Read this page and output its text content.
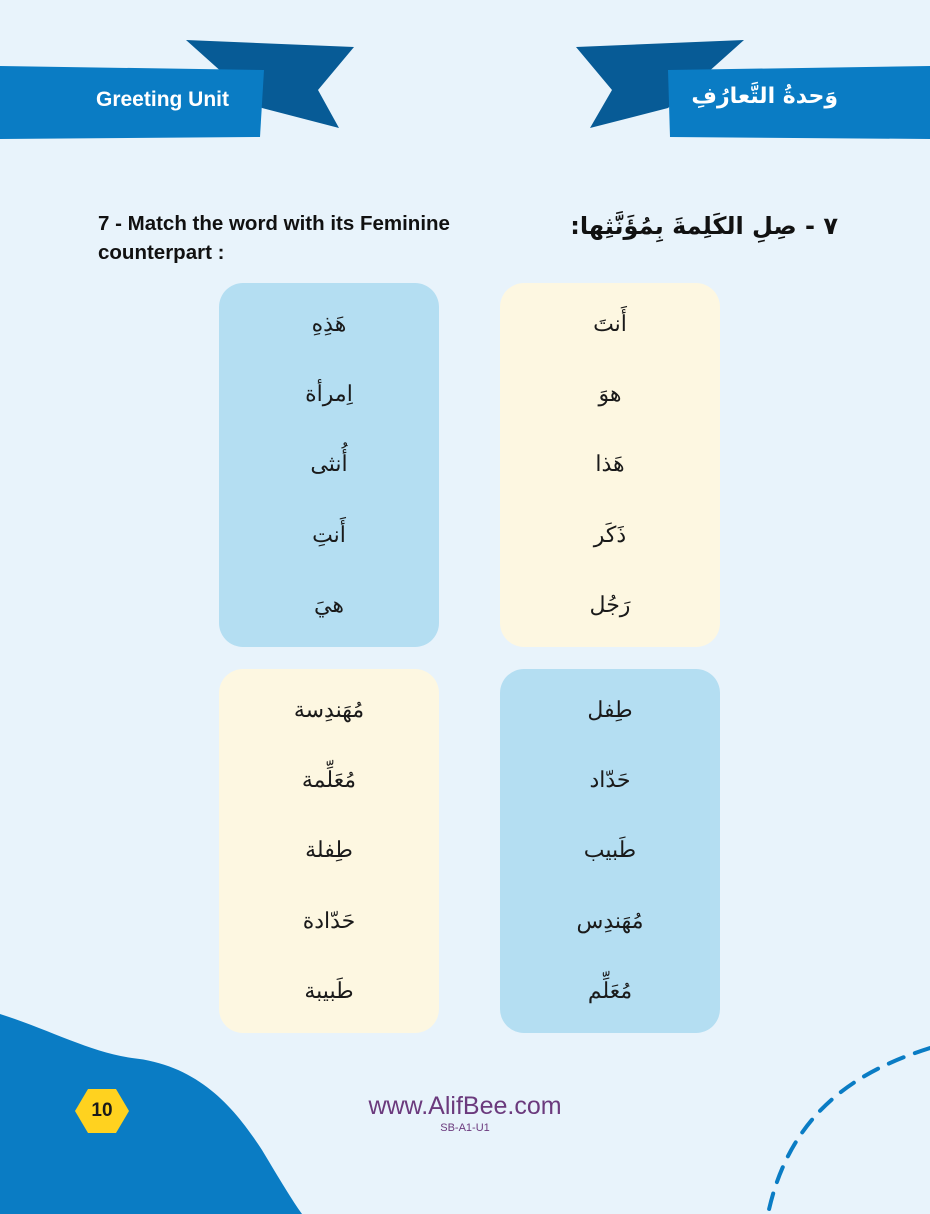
Greeting Unit	وَحدةُ التَّعارُفِ
7 - Match the word with its Feminine counterpart :
٧ - صِلِ الكَلِمةَ بِمُؤَنَّثِها:
هَذِهِ
اِمرأة
أُنثى
أَنتِ
هيَ
أَنتَ
هوَ
هَذا
ذَكَر
رَجُل
مُهَندِسة
مُعَلِّمة
طِفلة
حَدّادة
طَبيبة
طِفل
حَدّاد
طَبيب
مُهَندِس
مُعَلِّم
10	www.AlifBee.com
SB-A1-U1
